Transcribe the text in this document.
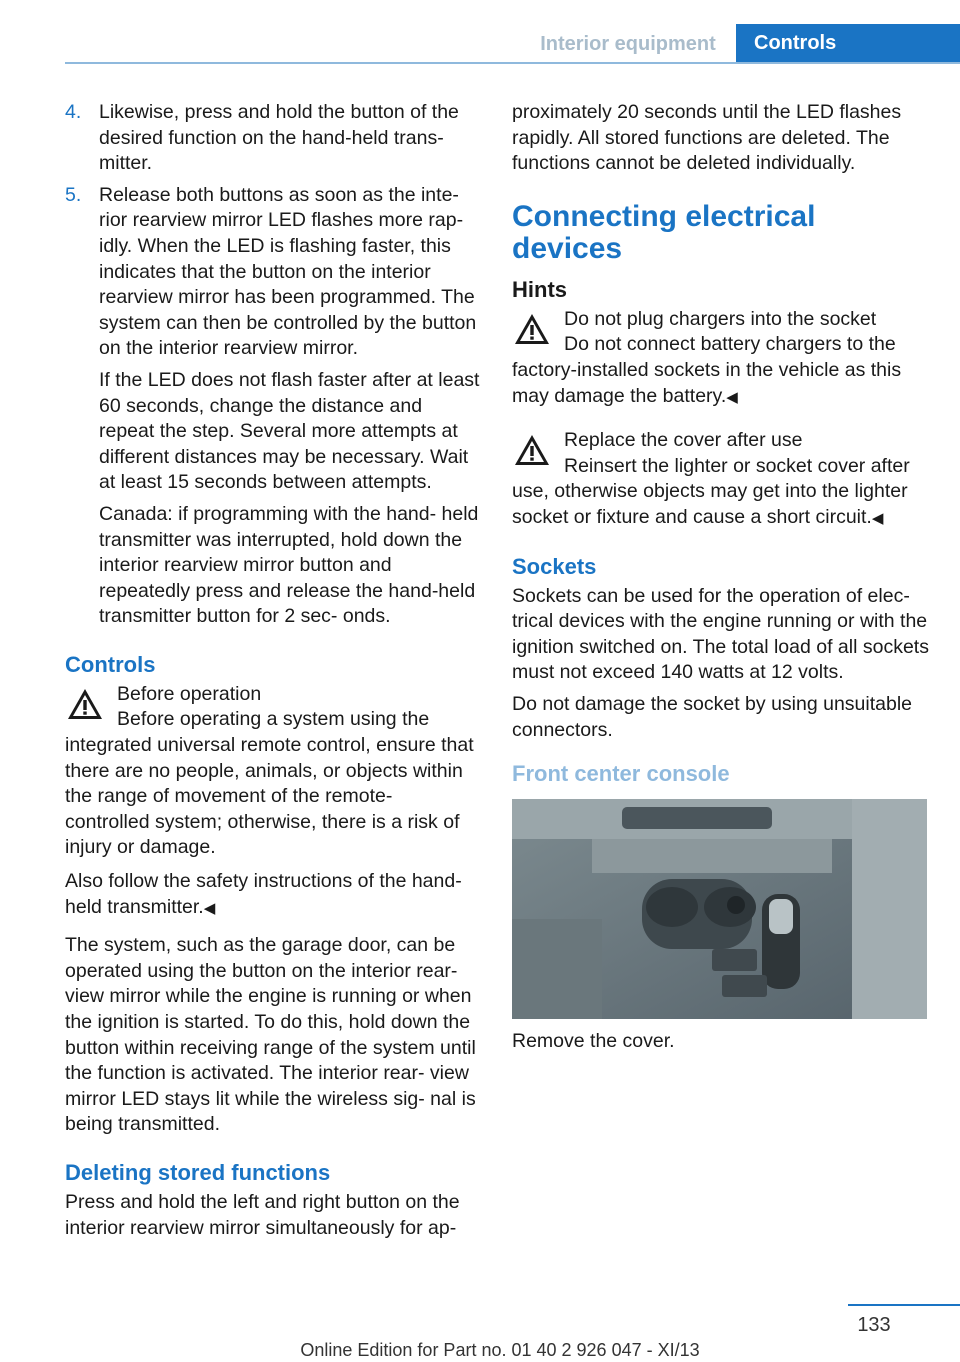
Interior equipment	Controls
4. Likewise, press and hold the button of the desired function on the hand-held trans- mitter.
5. Release both buttons as soon as the inte- rior rearview mirror LED flashes more rap- idly. When the LED is flashing faster, this indicates that the button on the interior rearview mirror has been programmed. The system can then be controlled by the button on the interior rearview mirror.

If the LED does not flash faster after at least 60 seconds, change the distance and repeat the step. Several more attempts at different distances may be necessary. Wait at least 15 seconds between attempts.

Canada: if programming with the hand- held transmitter was interrupted, hold down the interior rearview mirror button and repeatedly press and release the hand-held transmitter button for 2 sec- onds.

Controls
Before operation
Before operating a system using the integrated universal remote control, ensure that there are no people, animals, or objects within the range of movement of the remote- controlled system; otherwise, there is a risk of injury or damage.

Also follow the safety instructions of the hand- held transmitter.◀

The system, such as the garage door, can be operated using the button on the interior rear- view mirror while the engine is running or when the ignition is started. To do this, hold down the button within receiving range of the system until the function is activated. The interior rear- view mirror LED stays lit while the wireless sig- nal is being transmitted.

Deleting stored functions

Press and hold the left and right button on the interior rearview mirror simultaneously for ap-

proximately 20 seconds until the LED flashes rapidly. All stored functions are deleted. The functions cannot be deleted individually.

Connecting electrical devices
Hints
Do not plug chargers into the socket
Do not connect battery chargers to the factory-installed sockets in the vehicle as this may damage the battery.◀
Replace the cover after use
Reinsert the lighter or socket cover after use, otherwise objects may get into the lighter socket or fixture and cause a short circuit.◀
Sockets

Sockets can be used for the operation of elec- trical devices with the engine running or with the ignition switched on. The total load of all sockets must not exceed 140 watts at 12 volts.

Do not damage the socket by using unsuitable connectors.

Front center console

Remove the cover.

133
Online Edition for Part no. 01 40 2 926 047 - XI/13
